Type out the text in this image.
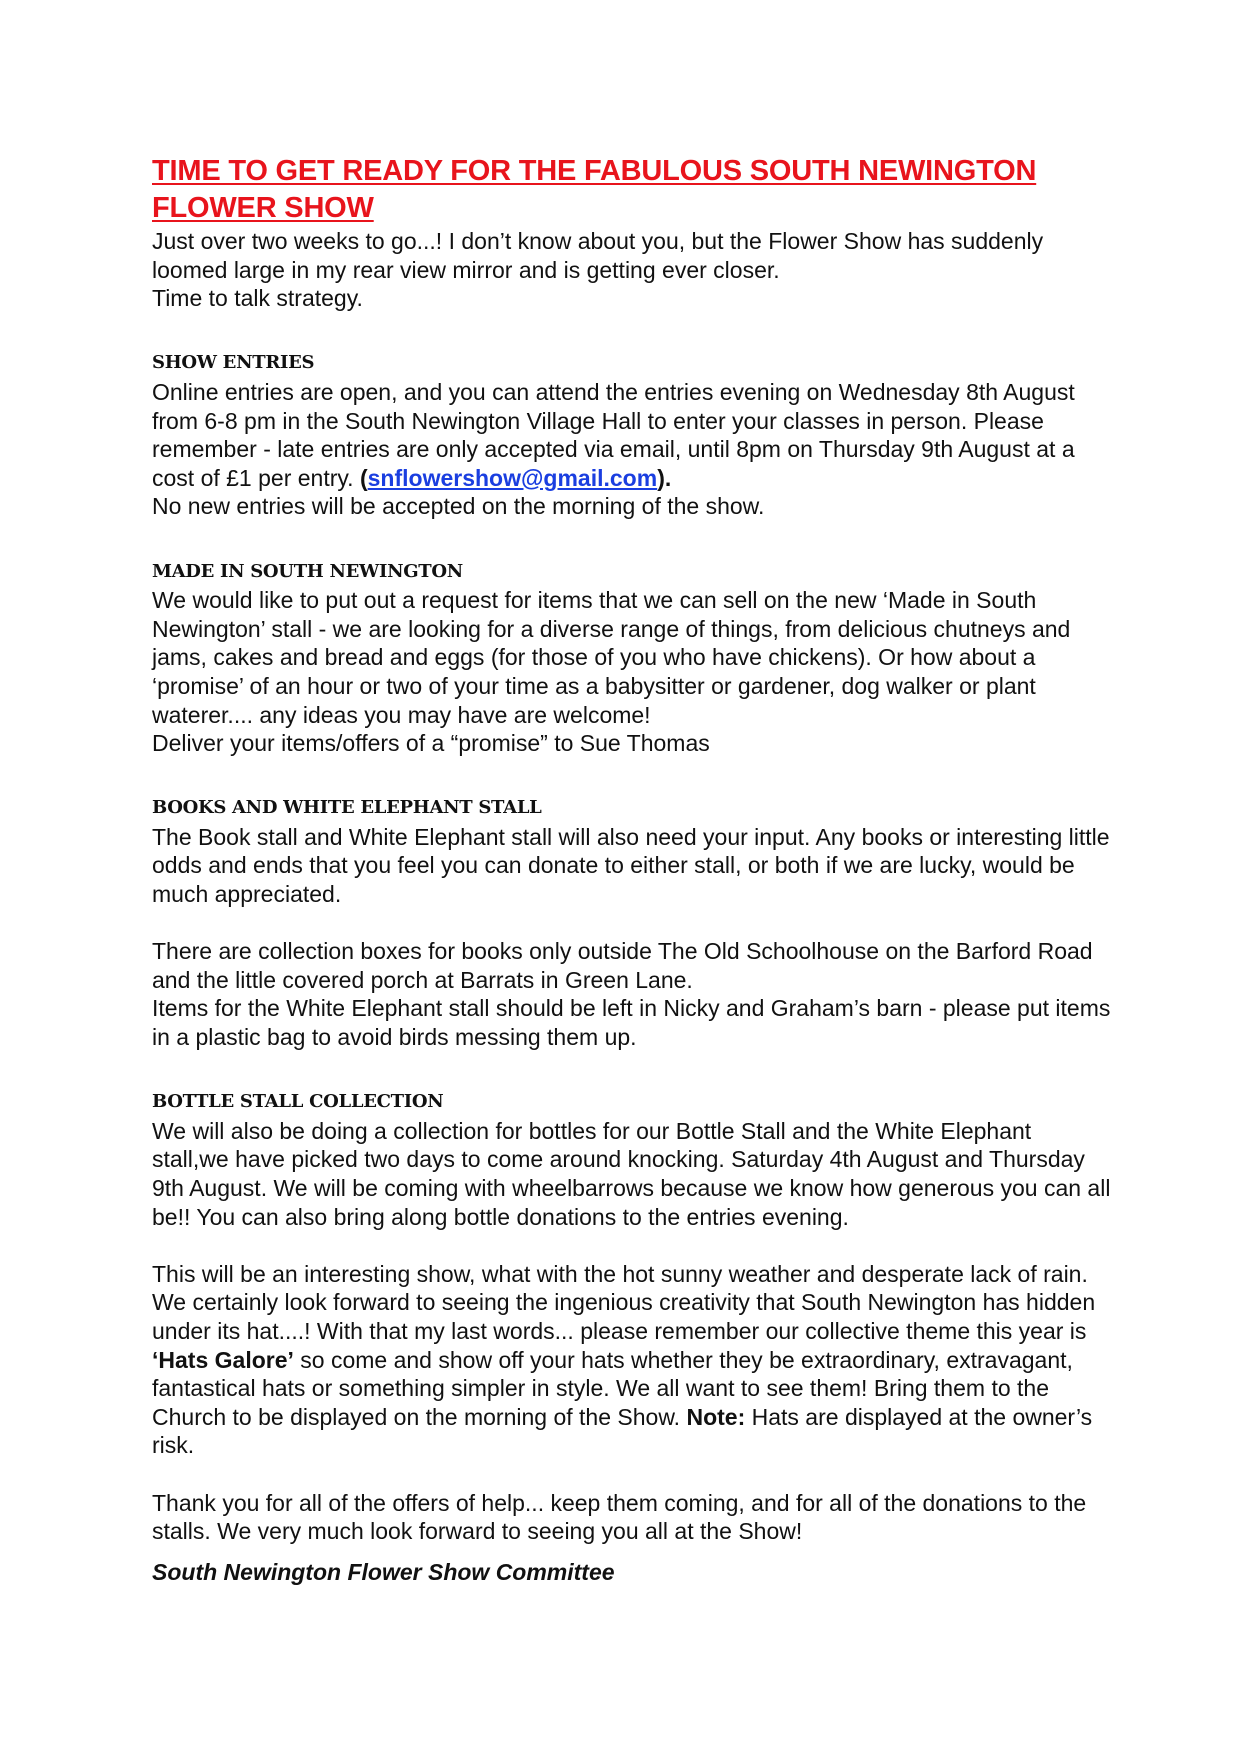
TIME TO GET READY FOR THE FABULOUS SOUTH NEWINGTON FLOWER SHOW

Just over two weeks to go...! I don’t know about you, but the Flower Show has suddenly loomed large in my rear view mirror and is getting ever closer.

Time to talk strategy.

SHOW ENTRIES

Online entries are open, and you can attend the entries evening on Wednesday 8th August from 6-8 pm in the South Newington Village Hall to enter your classes in person. Please remember - late entries are only accepted via email, until 8pm on Thursday 9th August at a cost of £1 per entry. (snflowershow@gmail.com).

No new entries will be accepted on the morning of the show.

MADE IN SOUTH NEWINGTON

We would like to put out a request for items that we can sell on the new ‘Made in South Newington’ stall - we are looking for a diverse range of things, from delicious chutneys and jams, cakes and bread and eggs (for those of you who have chickens). Or how about a ‘promise’ of an hour or two of your time as a babysitter or gardener, dog walker or plant waterer.... any ideas you may have are welcome!

Deliver your items/offers of a “promise” to Sue Thomas

BOOKS AND WHITE ELEPHANT STALL

The Book stall and White Elephant stall will also need your input. Any books or interesting little odds and ends that you feel you can donate to either stall, or both if we are lucky, would be much appreciated.

There are collection boxes for books only outside The Old Schoolhouse on the Barford Road and the little covered porch at Barrats in Green Lane.

Items for the White Elephant stall should be left in Nicky and Graham’s barn - please put items in a plastic bag to avoid birds messing them up.

BOTTLE STALL COLLECTION

We will also be doing a collection for bottles for our Bottle Stall and the White Elephant stall,we have picked two days to come around knocking. Saturday 4th August and Thursday 9th August. We will be coming with wheelbarrows because we know how generous you can all be!! You can also bring along bottle donations to the entries evening.

This will be an interesting show, what with the hot sunny weather and desperate lack of rain. We certainly look forward to seeing the ingenious creativity that South Newington has hidden under its hat....! With that my last words... please remember our collective theme this year is ‘Hats Galore’ so come and show off your hats whether they be extraordinary, extravagant, fantastical hats or something simpler in style. We all want to see them! Bring them to the Church to be displayed on the morning of the Show. Note: Hats are displayed at the owner’s risk.

Thank you for all of the offers of help... keep them coming, and for all of the donations to the stalls. We very much look forward to seeing you all at the Show!

South Newington Flower Show Committee
